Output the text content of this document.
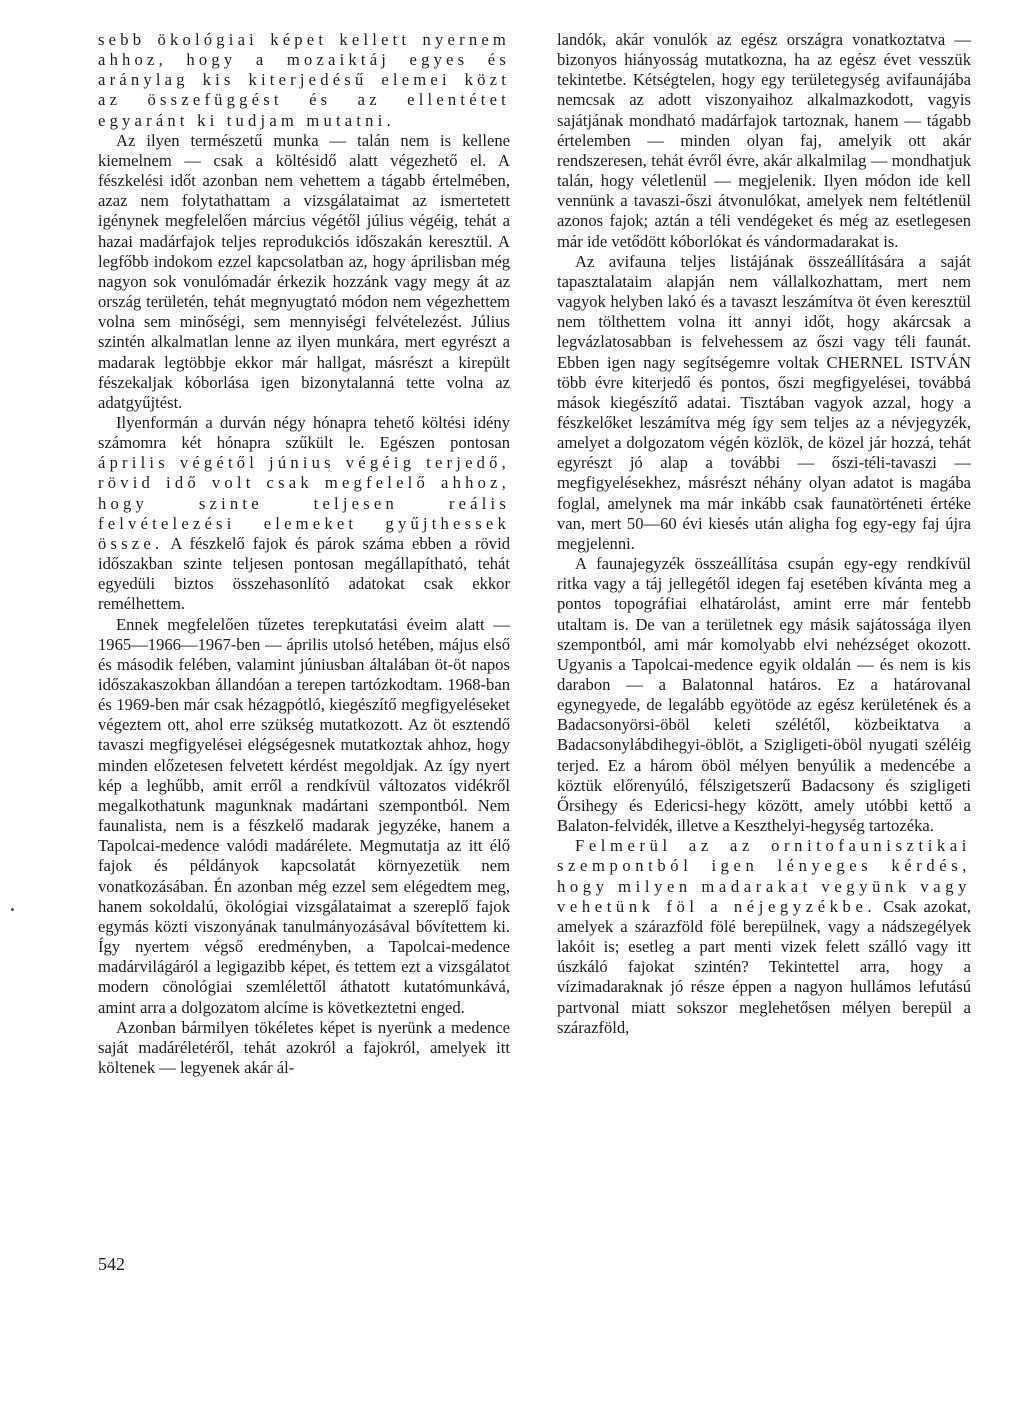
sebb ökológiai képet kellett nyernem ahhoz, hogy a mozaiktáj egyes és aránylag kis kiterjedésű elemei közt az összefüggést és az ellentétet egyaránt ki tudjam mutatni.

Az ilyen természetű munka — talán nem is kellene kiemelnem — csak a költésidő alatt végezhető el. A fészkelési időt azonban nem vehettem a tágabb értelmében, azaz nem folytathattam a vizsgálataimat az ismertetett igénynek megfelelően március végétől július végéig, tehát a hazai madárfajok teljes reprodukciós időszakán keresztül. A legfőbb indokom ezzel kapcsolatban az, hogy áprilisban még nagyon sok vonulómadár érkezik hozzánk vagy megy át az ország területén, tehát megnyugtató módon nem végezhettem volna sem minőségi, sem mennyiségi felvételezést. Július szintén alkalmatlan lenne az ilyen munkára, mert egyrészt a madarak legtöbbje ekkor már hallgat, másrészt a kirepült fészekaljak kóborlása igen bizonytalanná tette volna az adatgyűjtést.

Ilyenformán a durván négy hónapra tehető költési idény számomra két hónapra szűkült le. Egészen pontosan április végétől június végéig terjedő, rövid idő volt csak megfelelő ahhoz, hogy szinte teljesen reális felvételezési elemeket gyűjthessek össze. A fészkelő fajok és párok száma ebben a rövid időszakban szinte teljesen pontosan megállapítható, tehát egyedüli biztos összehasonlító adatokat csak ekkor remélhettem.

Ennek megfelelően tűzetes terepkutatási éveim alatt — 1965—1966—1967-ben — április utolsó hetében, május első és második felében, valamint júniusban általában öt-öt napos időszakaszokban állandóan a terepen tartózkodtam. 1968-ban és 1969-ben már csak hézagpótló, kiegészítő megfigyeléseket végeztem ott, ahol erre szükség mutatkozott. Az öt esztendő tavaszi megfigyelései elégségesnek mutatkoztak ahhoz, hogy minden előzetesen felvetett kérdést megoldjak. Az így nyert kép a leghűbb, amit erről a rendkívül változatos vidékről megalkothatunk magunknak madártani szempontból. Nem faunalista, nem is a fészkelő madarak jegyzéke, hanem a Tapolcai-medence valódi madárélete. Megmutatja az itt élő fajok és példányok kapcsolatát környezetük nem vonatkozásában. Én azonban még ezzel sem elégedtem meg, hanem sokoldalú, ökológiai vizsgálataimat a szereplő fajok egymás közti viszonyának tanulmányozásával bővítettem ki. Így nyertem végső eredményben, a Tapolcai-medence madárvilágáról a legigazibb képet, és tettem ezt a vizsgálatot modern cönológiai szemlélettől áthatott kutatómunkává, amint arra a dolgozatom alcíme is következtetni enged.

Azonban bármilyen tökéletes képet is nyerünk a medence saját madáréletéről, tehát azokról a fajokról, amelyek itt költenek — legyenek akár ál-

landók, akár vonulók az egész országra vonatkoztatva — bizonyos hiányosság mutatkozna, ha az egész évet vesszük tekintetbe. Kétségtelen, hogy egy területegység avifaunájába nemcsak az adott viszonyaihoz alkalmazkodott, vagyis sajátjának mondható madárfajok tartoznak, hanem — tágabb értelemben — minden olyan faj, amelyik ott akár rendszeresen, tehát évről évre, akár alkalmilag — mondhatjuk talán, hogy véletlenül — megjelenik. Ilyen módon ide kell vennünk a tavaszi-őszi átvonulókat, amelyek nem feltétlenül azonos fajok; aztán a téli vendégeket és még az esetlegesen már ide vetődött kóborlókat és vándormadarakat is.

Az avifauna teljes listájának összeállítására a saját tapasztalataim alapján nem vállalkozhattam, mert nem vagyok helyben lakó és a tavaszt leszámítva öt éven keresztül nem tölthettem volna itt annyi időt, hogy akárcsak a legvázlatosabban is felvehessem az őszi vagy téli faunát. Ebben igen nagy segítségemre voltak CHERNEL ISTVÁN több évre kiterjedő és pontos, őszi megfigyelései, továbbá mások kiegészítő adatai. Tisztában vagyok azzal, hogy a fészkelőket leszámítva még így sem teljes az a névjegyzék, amelyet a dolgozatom végén közlök, de közel jár hozzá, tehát egyrészt jó alap a további — őszi-téli-tavaszi — megfigyelésekhez, másrészt néhány olyan adatot is magába foglal, amelynek ma már inkább csak faunatörténeti értéke van, mert 50—60 évi kiesés után aligha fog egy-egy faj újra megjelenni.

A faunajegyzék összeállítása csupán egy-egy rendkívül ritka vagy a táj jellegétől idegen faj esetében kívánta meg a pontos topográfiai elhatárolást, amint erre már fentebb utaltam is. De van a területnek egy másik sajátossága ilyen szempontból, ami már komolyabb elvi nehézséget okozott. Ugyanis a Tapolcai-medence egyik oldalán — és nem is kis darabon — a Balatonnal határos. Ez a határovanal egynegyede, de legalább egyötöde az egész kerületének és a Badacsonyörsi-öböl keleti szélétől, közbeiktatva a Badacsonylábdihegyi-öblöt, a Szigligeti-öböl nyugati széléig terjed. Ez a három öböl mélyen benyúlik a medencébe a köztük előrenyúló, félszigetszerű Badacsony és szigligeti Őrsihegy és Edericsi-hegy között, amely utóbbi kettő a Balaton-felvidék, illetve a Keszthelyi-hegység tartozéka.

Felmerül az az ornitofaunisztikai szempontból igen lényeges kérdés, hogy milyen madarakat vegyünk vagy vehetünk föl a néjegyzékbe. Csak azokat, amelyek a szárazföld fölé berepülnek, vagy a nádszegélyek lakóit is; esetleg a part menti vizek felett szálló vagy itt úszkáló fajokat szintén? Tekintettel arra, hogy a vízimadaraknak jó része éppen a nagyon hullámos lefutású partvonal miatt sokszor meglehetősen mélyen berepül a szárazföld,

542
